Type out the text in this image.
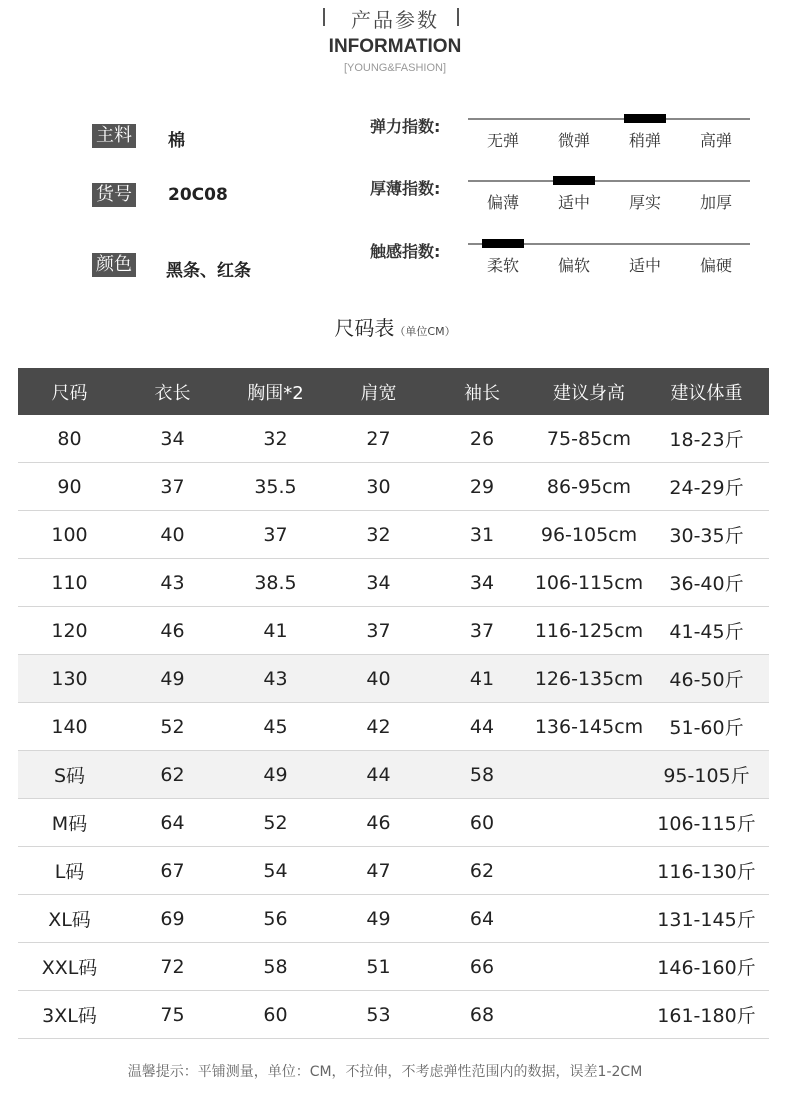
产品参数
INFORMATION
[YOUNG&FASHION]
主料 棉
货号 20C08
颜色 黑条、红条
弹力指数:
无弹	微弹	稍弹	高弹
厚薄指数:
偏薄	适中	厚实	加厚
触感指数:
柔软	偏软	适中	偏硬
尺码表（单位CM）
尺码	衣长	胸围*2	肩宽	袖长	建议身高	建议体重
80	34	32	27	26	75-85cm	18-23斤
90	37	35.5	30	29	86-95cm	24-29斤
100	40	37	32	31	96-105cm	30-35斤
110	43	38.5	34	34	106-115cm	36-40斤
120	46	41	37	37	116-125cm	41-45斤
130	49	43	40	41	126-135cm	46-50斤
140	52	45	42	44	136-145cm	51-60斤
S码	62	49	44	58		95-105斤
M码	64	52	46	60		106-115斤
L码	67	54	47	62		116-130斤
XL码	69	56	49	64		131-145斤
XXL码	72	58	51	66		146-160斤
3XL码	75	60	53	68		161-180斤
温馨提示：平铺测量，单位：CM，不拉伸，不考虑弹性范围内的数据，误差1-2CM
